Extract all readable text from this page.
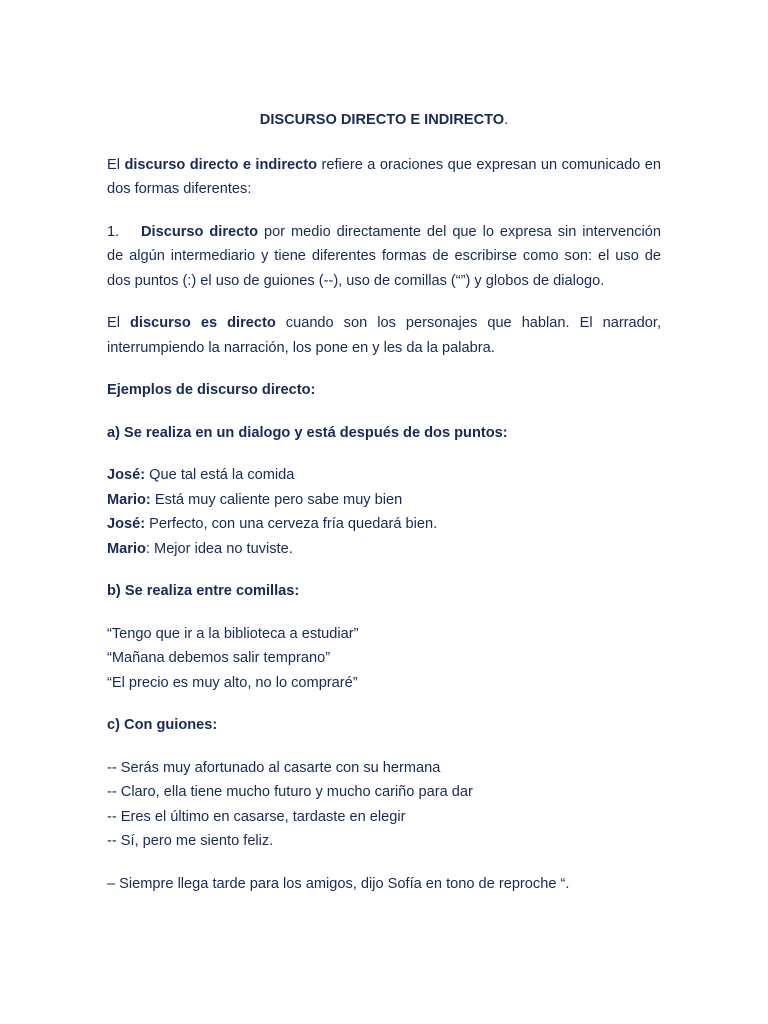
DISCURSO DIRECTO E INDIRECTO.

El discurso directo e indirecto refiere a oraciones que expresan un comunicado en dos formas diferentes:

1. Discurso directo por medio directamente del que lo expresa sin intervención de algún intermediario y tiene diferentes formas de escribirse como son: el uso de dos puntos (:) el uso de guiones (--), uso de comillas (“”) y globos de dialogo.

El discurso es directo cuando son los personajes que hablan. El narrador, interrumpiendo la narración, los pone en y les da la palabra.

Ejemplos de discurso directo:

a) Se realiza en un dialogo y está después de dos puntos:

José: Que tal está la comida
Mario: Está muy caliente pero sabe muy bien
José: Perfecto, con una cerveza fría quedará bien.
Mario: Mejor idea no tuviste.

b) Se realiza entre comillas:

“Tengo que ir a la biblioteca a estudiar”
“Mañana debemos salir temprano”
“El precio es muy alto, no lo compraré”

c) Con guiones:

-- Serás muy afortunado al casarte con su hermana
-- Claro, ella tiene mucho futuro y mucho cariño para dar
-- Eres el último en casarse, tardaste en elegir
-- Sí, pero me siento feliz.

– Siempre llega tarde para los amigos, dijo Sofía en tono de reproche “.
